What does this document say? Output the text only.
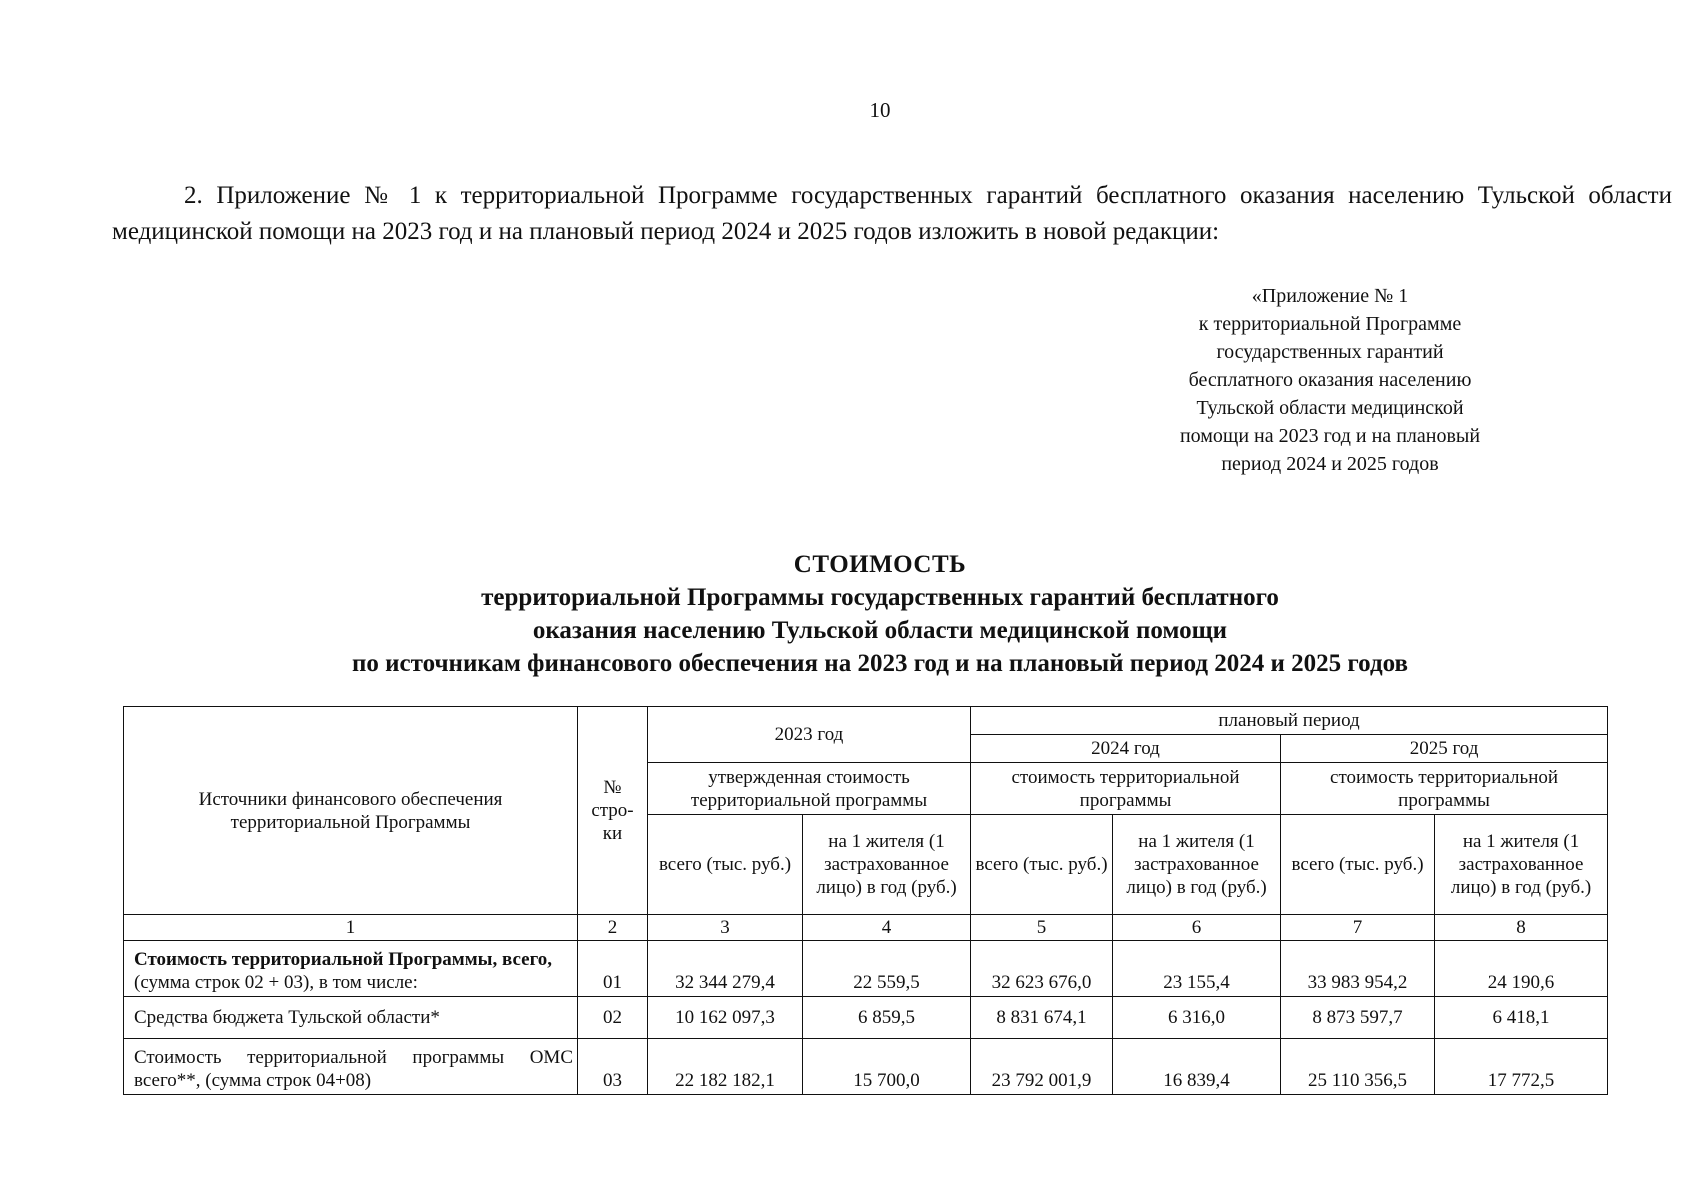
10
2. Приложение № 1 к территориальной Программе государственных гарантий бесплатного оказания населению Тульской области медицинской помощи на 2023 год и на плановый период 2024 и 2025 годов изложить в новой редакции:
«Приложение № 1
к территориальной Программе
государственных гарантий
бесплатного оказания населению
Тульской области медицинской
помощи на 2023 год и на плановый
период 2024 и 2025 годов
СТОИМОСТЬ
территориальной Программы государственных гарантий бесплатного
оказания населению Тульской области медицинской помощи
по источникам финансового обеспечения на 2023 год и на плановый период 2024 и 2025 годов
Источники финансового обеспечения территориальной Программы	№ стро-ки	2023 год		плановый период			
				2024 год		2025 год	
		утвержденная стоимость территориальной программы		стоимость территориальной программы		стоимость территориальной программы	
		всего (тыс. руб.)	на 1 жителя (1 застрахованное лицо) в год (руб.)	всего (тыс. руб.)	на 1 жителя (1 застрахованное лицо) в год (руб.)	всего (тыс. руб.)	на 1 жителя (1 застрахованное лицо) в год (руб.)
1	2	3	4	5	6	7	8
Стоимость территориальной Программы, всего, (сумма строк 02 + 03), в том числе:	01	32 344 279,4	22 559,5	32 623 676,0	23 155,4	33 983 954,2	24 190,6
Средства бюджета Тульской области*	02	10 162 097,3	6 859,5	8 831 674,1	6 316,0	8 873 597,7	6 418,1
Стоимость территориальной программы ОМС всего**, (сумма строк 04+08)	03	22 182 182,1	15 700,0	23 792 001,9	16 839,4	25 110 356,5	17 772,5
